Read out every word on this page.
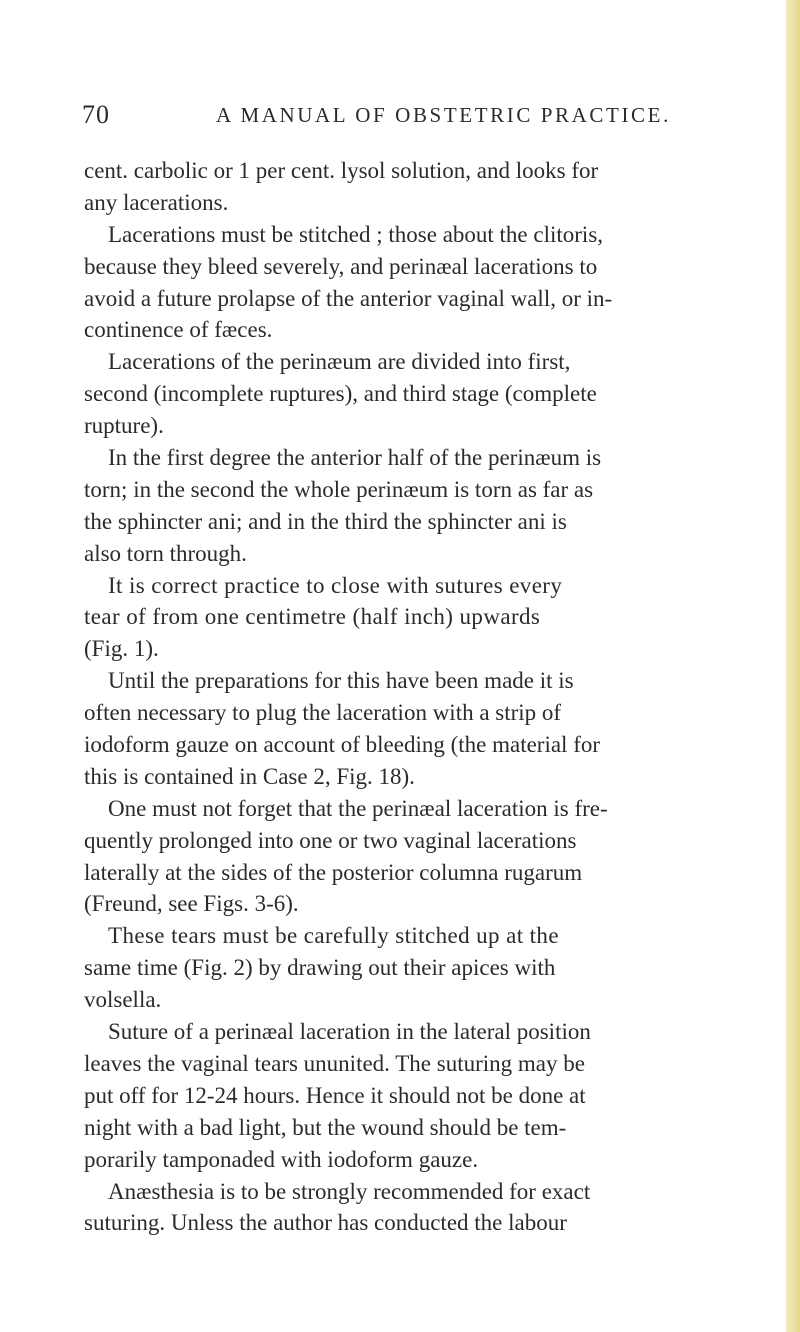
70	A MANUAL OF OBSTETRIC PRACTICE.
cent. carbolic or 1 per cent. lysol solution, and looks for
any lacerations.
Lacerations must be stitched ; those about the clitoris,
because they bleed severely, and perinæal lacerations to
avoid a future prolapse of the anterior vaginal wall, or in-
continence of fæces.
Lacerations of the perinæum are divided into first,
second (incomplete ruptures), and third stage (complete
rupture).
In the first degree the anterior half of the perinæum is
torn; in the second the whole perinæum is torn as far as
the sphincter ani; and in the third the sphincter ani is
also torn through.
It is correct practice to close with sutures every
tear of from one centimetre (half inch) upwards
(Fig. 1).
Until the preparations for this have been made it is
often necessary to plug the laceration with a strip of
iodoform gauze on account of bleeding (the material for
this is contained in Case 2, Fig. 18).
One must not forget that the perinæal laceration is fre-
quently prolonged into one or two vaginal lacerations
laterally at the sides of the posterior columna rugarum
(Freund, see Figs. 3-6).
These tears must be carefully stitched up at the
same time (Fig. 2) by drawing out their apices with
volsella.
Suture of a perinæal laceration in the lateral position
leaves the vaginal tears ununited. The suturing may be
put off for 12-24 hours. Hence it should not be done at
night with a bad light, but the wound should be tem-
porarily tamponaded with iodoform gauze.
Anæsthesia is to be strongly recommended for exact
suturing. Unless the author has conducted the labour
